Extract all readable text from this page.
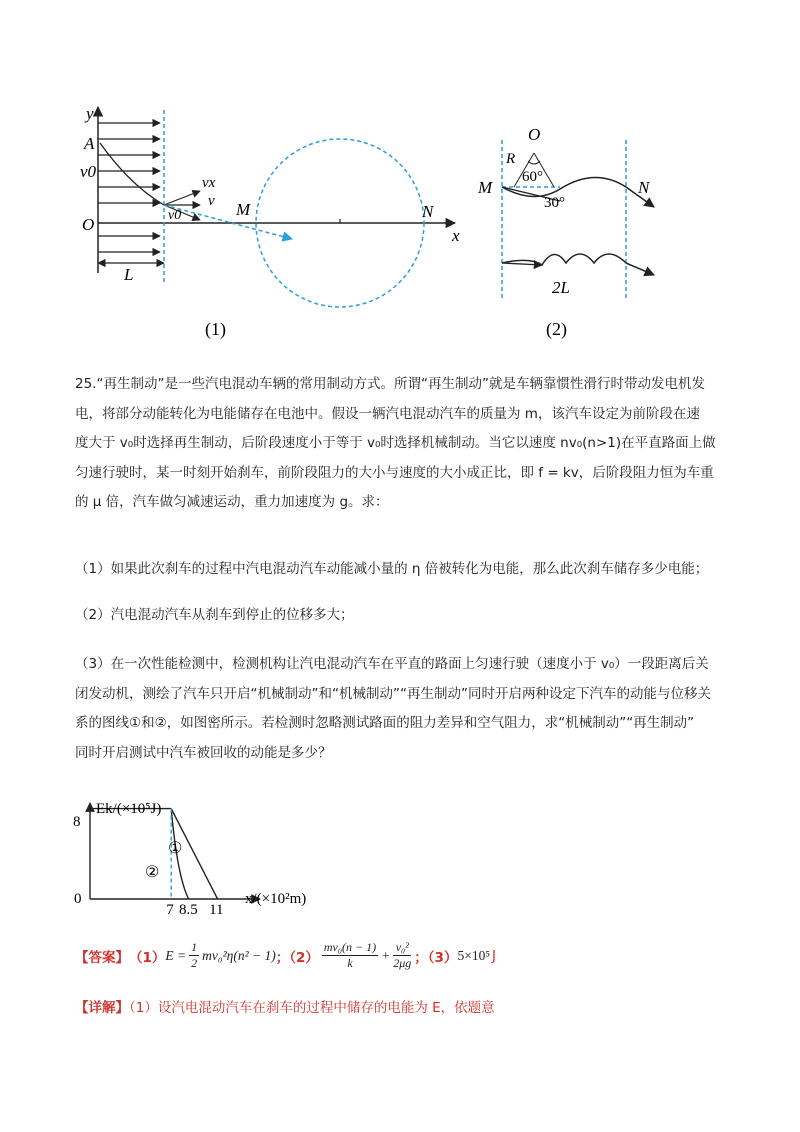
y
A
v0
O
vx
v
v0	M	N
x
L
(1)
O
R
60°
30°
M	N
2L
(2)

25.“再生制动”是一些汽电混动车辆的常用制动方式。所谓“再生制动”就是车辆靠惯性滑行时带动发电机发
电，将部分动能转化为电能储存在电池中。假设一辆汽电混动汽车的质量为 m，该汽车设定为前阶段在速
度大于 v₀时选择再生制动，后阶段速度小于等于 v₀时选择机械制动。当它以速度 nv₀(n>1)在平直路面上做
匀速行驶时，某一时刻开始刹车，前阶段阻力的大小与速度的大小成正比，即 f = kv，后阶段阻力恒为车重
的 μ 倍，汽车做匀减速运动，重力加速度为 g。求：

（1）如果此次刹车的过程中汽电混动汽车动能减小量的 η 倍被转化为电能，那么此次刹车储存多少电能；

（2）汽电混动汽车从刹车到停止的位移多大；

（3）在一次性能检测中，检测机构让汽电混动汽车在平直的路面上匀速行驶（速度小于 v₀）一段距离后关
闭发动机，测绘了汽车只开启“机械制动”和“机械制动”“再生制动”同时开启两种设定下汽车的动能与位移关
系的图线①和②，如图密所示。若检测时忽略测试路面的阻力差异和空气阻力，求“机械制动”“再生制动”
同时开启测试中汽车被回收的动能是多少？

Ek/(×10⁵J)
x/(×10²m)
8
0
7 8.5 11
①
②
【答案】 （1） $E = \frac{1}{2} mv_0^2\eta(n^2 - 1)$ ；$(2) \frac{\text{mv₀(n − 1)}}{k} + \frac{\text{v₀²}}{2\mu g}$ ；（3） 5×10⁵ J
【详解】（1）设汽电混动汽车在刹车的过程中储存的电能为 E，依题意
